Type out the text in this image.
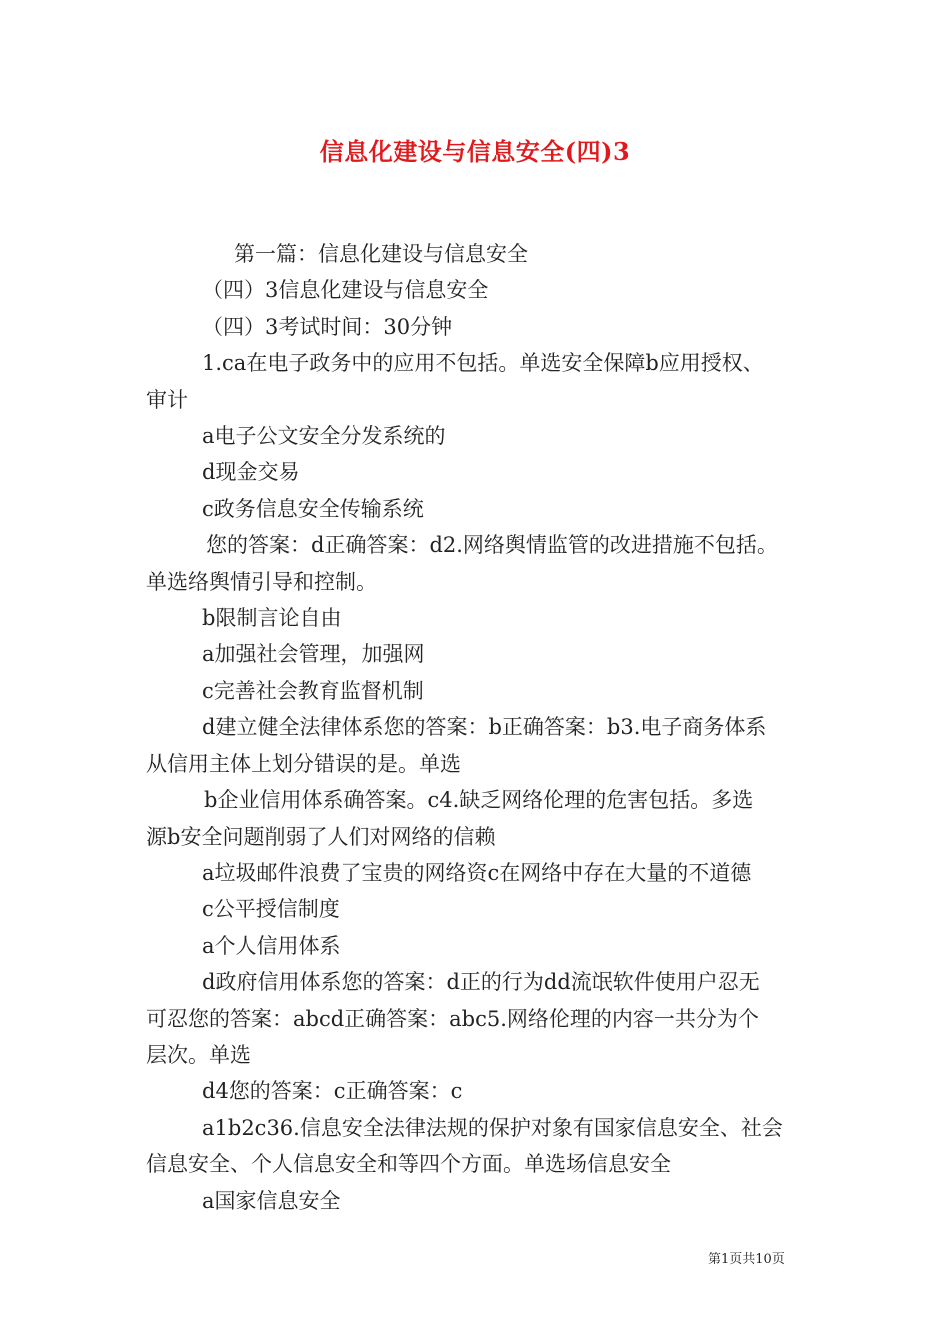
信息化建设与信息安全(四)3

第一篇：信息化建设与信息安全

（四）3信息化建设与信息安全

（四）3考试时间：30分钟

1.ca在电子政务中的应用不包括。单选安全保障b应用授权、

审计

a电子公文安全分发系统的

d现金交易

c政务信息安全传输系统

您的答案：d正确答案：d2.网络舆情监管的改进措施不包括。

单选络舆情引导和控制。

b限制言论自由

a加强社会管理，加强网

c完善社会教育监督机制

d建立健全法律体系您的答案：b正确答案：b3.电子商务体系

从信用主体上划分错误的是。单选

b企业信用体系确答案。c4.缺乏网络伦理的危害包括。多选

源b安全问题削弱了人们对网络的信赖

a垃圾邮件浪费了宝贵的网络资c在网络中存在大量的不道德

c公平授信制度

a个人信用体系

d政府信用体系您的答案：d正的行为dd流氓软件使用户忍无

可忍您的答案：abcd正确答案：abc5.网络伦理的内容一共分为个

层次。单选

d4您的答案：c正确答案：c

a1b2c36.信息安全法律法规的保护对象有国家信息安全、社会

信息安全、个人信息安全和等四个方面。单选场信息安全

a国家信息安全

第1页共10页
